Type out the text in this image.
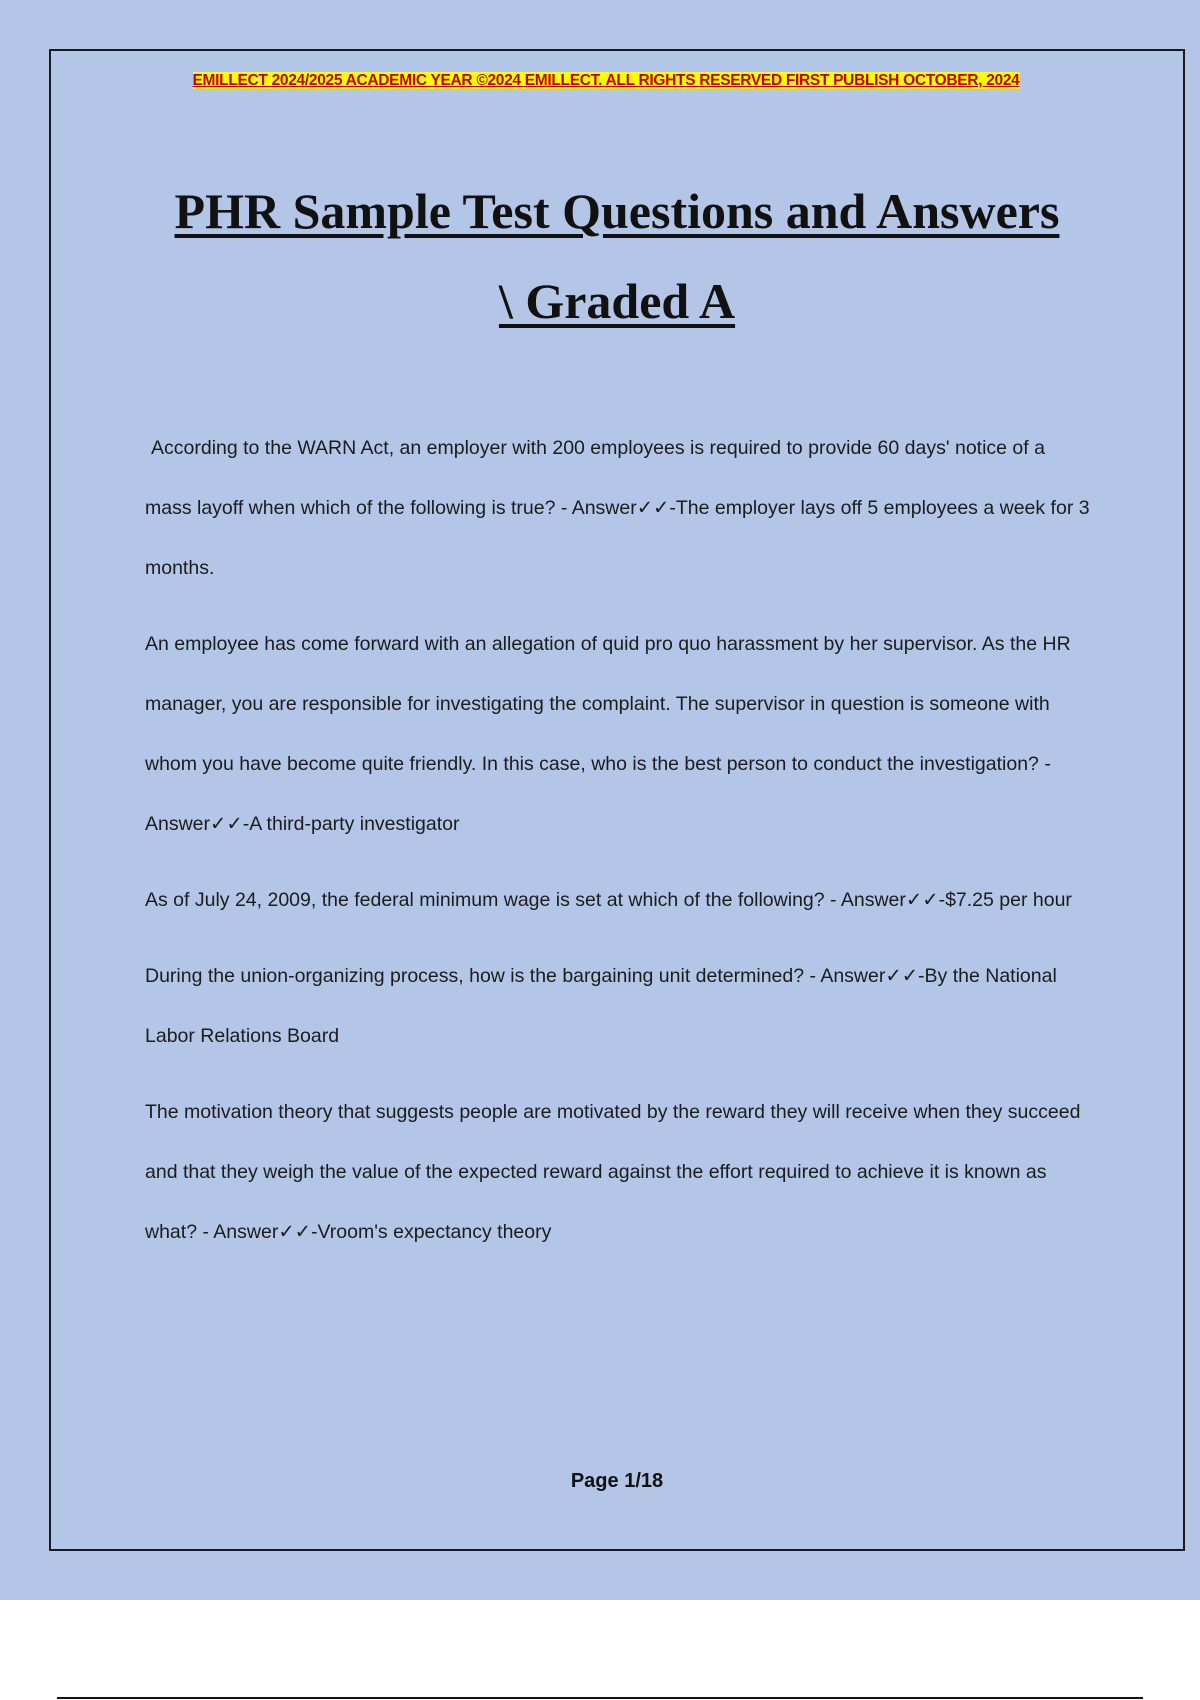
EMILLECT 2024/2025 ACADEMIC YEAR ©2024 EMILLECT. ALL RIGHTS RESERVED FIRST PUBLISH OCTOBER, 2024
PHR Sample Test Questions and Answers
\ Graded A

According to the WARN Act, an employer with 200 employees is required to provide 60 days' notice of a mass layoff when which of the following is true? - Answer✓✓-The employer lays off 5 employees a week for 3 months.

An employee has come forward with an allegation of quid pro quo harassment by her supervisor. As the HR manager, you are responsible for investigating the complaint. The supervisor in question is someone with whom you have become quite friendly. In this case, who is the best person to conduct the investigation? - Answer✓✓-A third-party investigator

As of July 24, 2009, the federal minimum wage is set at which of the following? - Answer✓✓-$7.25 per hour

During the union-organizing process, how is the bargaining unit determined? - Answer✓✓-By the National Labor Relations Board

The motivation theory that suggests people are motivated by the reward they will receive when they succeed and that they weigh the value of the expected reward against the effort required to achieve it is known as what? - Answer✓✓-Vroom's expectancy theory

Page 1/18
